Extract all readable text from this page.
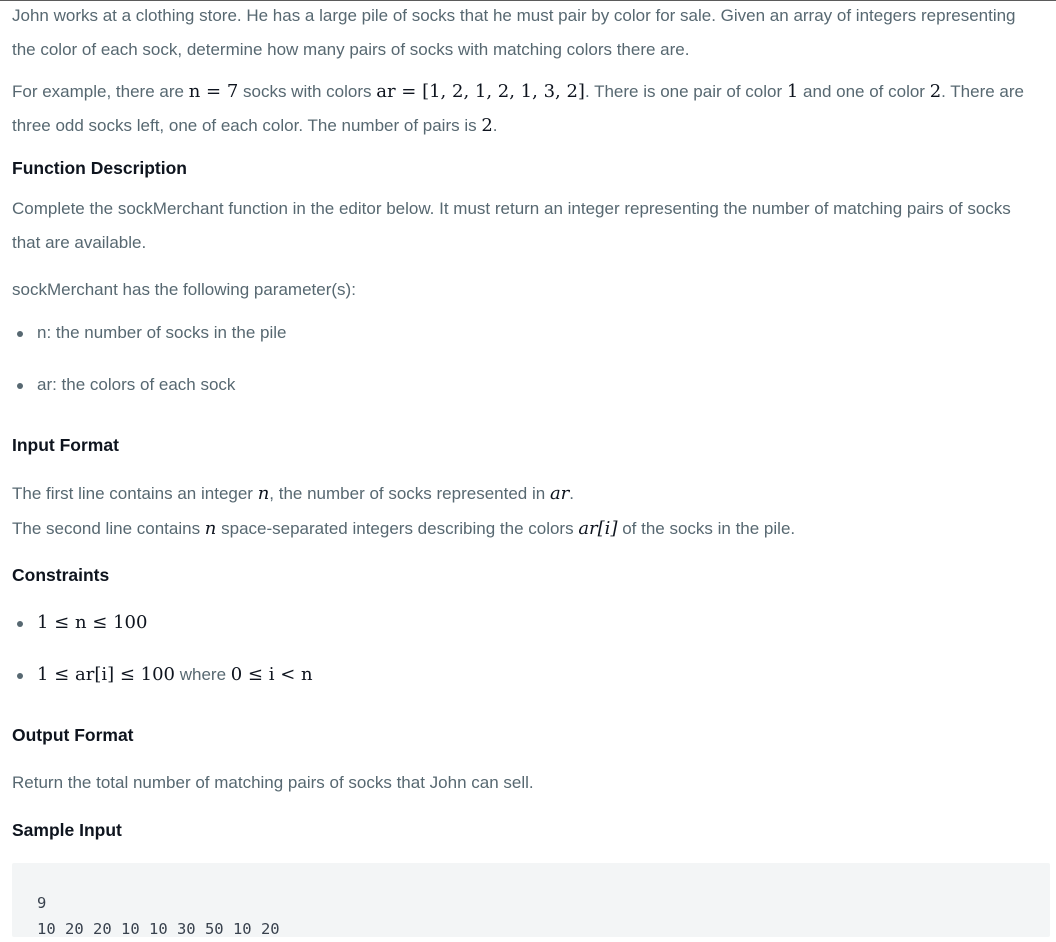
John works at a clothing store. He has a large pile of socks that he must pair by color for sale. Given an array of integers representing the color of each sock, determine how many pairs of socks with matching colors there are.

For example, there are n = 7 socks with colors ar = [1, 2, 1, 2, 1, 3, 2]. There is one pair of color 1 and one of color 2. There are three odd socks left, one of each color. The number of pairs is 2.

Function Description

Complete the sockMerchant function in the editor below. It must return an integer representing the number of matching pairs of socks that are available.

sockMerchant has the following parameter(s):

n: the number of socks in the pile
ar: the colors of each sock
Input Format
The first line contains an integer n, the number of socks represented in ar.
The second line contains n space-separated integers describing the colors ar[i] of the socks in the pile.
Constraints
1 ≤ n ≤ 100
1 ≤ ar[i] ≤ 100 where 0 ≤ i < n
Output Format

Return the total number of matching pairs of socks that John can sell.

Sample Input
9
10 20 20 10 10 30 50 10 20
